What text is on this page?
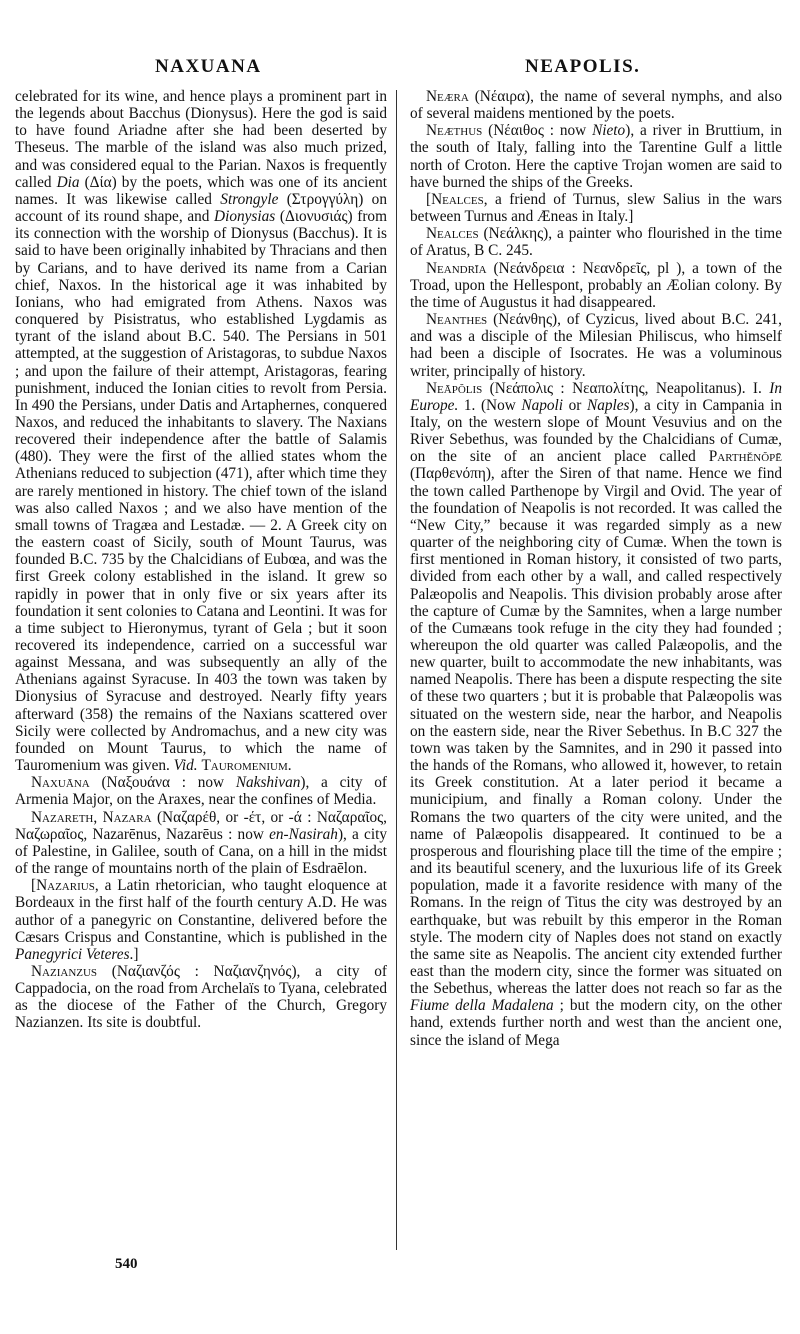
NAXUANA	NEAPOLIS.

celebrated for its wine, and hence plays a prominent part in the legends about Bacchus (Dionysus). Here the god is said to have found Ariadne after she had been deserted by Theseus. The marble of the island was also much prized, and was considered equal to the Parian. Naxos is frequently called Dia (Δία) by the poets, which was one of its ancient names. It was likewise called Strongyle (Στρογγύλη) on account of its round shape, and Dionysias (Διονυσιάς) from its connection with the worship of Dionysus (Bacchus). It is said to have been originally inhabited by Thracians and then by Carians, and to have derived its name from a Carian chief, Naxos. In the historical age it was inhabited by Ionians, who had emigrated from Athens. Naxos was conquered by Pisistratus, who established Lygdamis as tyrant of the island about B.C. 540. The Persians in 501 attempted, at the suggestion of Aristagoras, to subdue Naxos ; and upon the failure of their attempt, Aristagoras, fearing punishment, induced the Ionian cities to revolt from Persia. In 490 the Persians, under Datis and Artaphernes, conquered Naxos, and reduced the inhabitants to slavery. The Naxians recovered their independence after the battle of Salamis (480). They were the first of the allied states whom the Athenians reduced to subjection (471), after which time they are rarely mentioned in history. The chief town of the island was also called Naxos ; and we also have mention of the small towns of Tragæa and Lestadæ. — 2. A Greek city on the eastern coast of Sicily, south of Mount Taurus, was founded B.C. 735 by the Chalcidians of Eubœa, and was the first Greek colony established in the island. It grew so rapidly in power that in only five or six years after its foundation it sent colonies to Catana and Leontini. It was for a time subject to Hieronymus, tyrant of Gela ; but it soon recovered its independence, carried on a successful war against Messana, and was subsequently an ally of the Athenians against Syracuse. In 403 the town was taken by Dionysius of Syracuse and destroyed. Nearly fifty years afterward (358) the remains of the Naxians scattered over Sicily were collected by Andromachus, and a new city was founded on Mount Taurus, to which the name of Tauromenium was given. Vid. Tauromenium.

Naxuāna (Ναξουάνα : now Nakshivan), a city of Armenia Major, on the Araxes, near the confines of Media.

Nazareth, Nazara (Ναζαρέθ, or -έτ, or -ά : Ναζαραῖος, Ναζωραῖος, Nazarēnus, Nazarēus : now en-Nasirah), a city of Palestine, in Galilee, south of Cana, on a hill in the midst of the range of mountains north of the plain of Esdraēlon.

[Nazarius, a Latin rhetorician, who taught eloquence at Bordeaux in the first half of the fourth century A.D. He was author of a panegyric on Constantine, delivered before the Cæsars Crispus and Constantine, which is published in the Panegyrici Veteres.]

Nazianzus (Ναζιανζός : Ναζιανζηνός), a city of Cappadocia, on the road from Archelaïs to Tyana, celebrated as the diocese of the Father of the Church, Gregory Nazianzen. Its site is doubtful.

Neæra (Νέαιρα), the name of several nymphs, and also of several maidens mentioned by the poets.

Neæthus (Νέαιθος : now Nieto), a river in Bruttium, in the south of Italy, falling into the Tarentine Gulf a little north of Croton. Here the captive Trojan women are said to have burned the ships of the Greeks.

[Nealces, a friend of Turnus, slew Salius in the wars between Turnus and Æneas in Italy.]

Nealces (Νεάλκης), a painter who flourished in the time of Aratus, B C. 245.

Neandrīa (Νεάνδρεια : Νεανδρεῖς, pl ), a town of the Troad, upon the Hellespont, probably an Æolian colony. By the time of Augustus it had disappeared.

Neanthes (Νεάνθης), of Cyzicus, lived about B.C. 241, and was a disciple of the Milesian Philiscus, who himself had been a disciple of Isocrates. He was a voluminous writer, principally of history.

Neāpŏlis (Νεάπολις : Νεαπολίτης, Neapolitanus). I. In Europe. 1. (Now Napoli or Naples), a city in Campania in Italy, on the western slope of Mount Vesuvius and on the River Sebethus, was founded by the Chalcidians of Cumæ, on the site of an ancient place called Parthĕnŏpē (Παρθενόπη), after the Siren of that name. Hence we find the town called Parthenope by Virgil and Ovid. The year of the foundation of Neapolis is not recorded. It was called the “New City,” because it was regarded simply as a new quarter of the neighboring city of Cumæ. When the town is first mentioned in Roman history, it consisted of two parts, divided from each other by a wall, and called respectively Palæopolis and Neapolis. This division probably arose after the capture of Cumæ by the Samnites, when a large number of the Cumæans took refuge in the city they had founded ; whereupon the old quarter was called Palæopolis, and the new quarter, built to accommodate the new inhabitants, was named Neapolis. There has been a dispute respecting the site of these two quarters ; but it is probable that Palæopolis was situated on the western side, near the harbor, and Neapolis on the eastern side, near the River Sebethus. In B.C 327 the town was taken by the Samnites, and in 290 it passed into the hands of the Romans, who allowed it, however, to retain its Greek constitution. At a later period it became a municipium, and finally a Roman colony. Under the Romans the two quarters of the city were united, and the name of Palæopolis disappeared. It continued to be a prosperous and flourishing place till the time of the empire ; and its beautiful scenery, and the luxurious life of its Greek population, made it a favorite residence with many of the Romans. In the reign of Titus the city was destroyed by an earthquake, but was rebuilt by this emperor in the Roman style. The modern city of Naples does not stand on exactly the same site as Neapolis. The ancient city extended further east than the modern city, since the former was situated on the Sebethus, whereas the latter does not reach so far as the Fiume della Madalena ; but the modern city, on the other hand, extends further north and west than the ancient one, since the island of Mega

540
